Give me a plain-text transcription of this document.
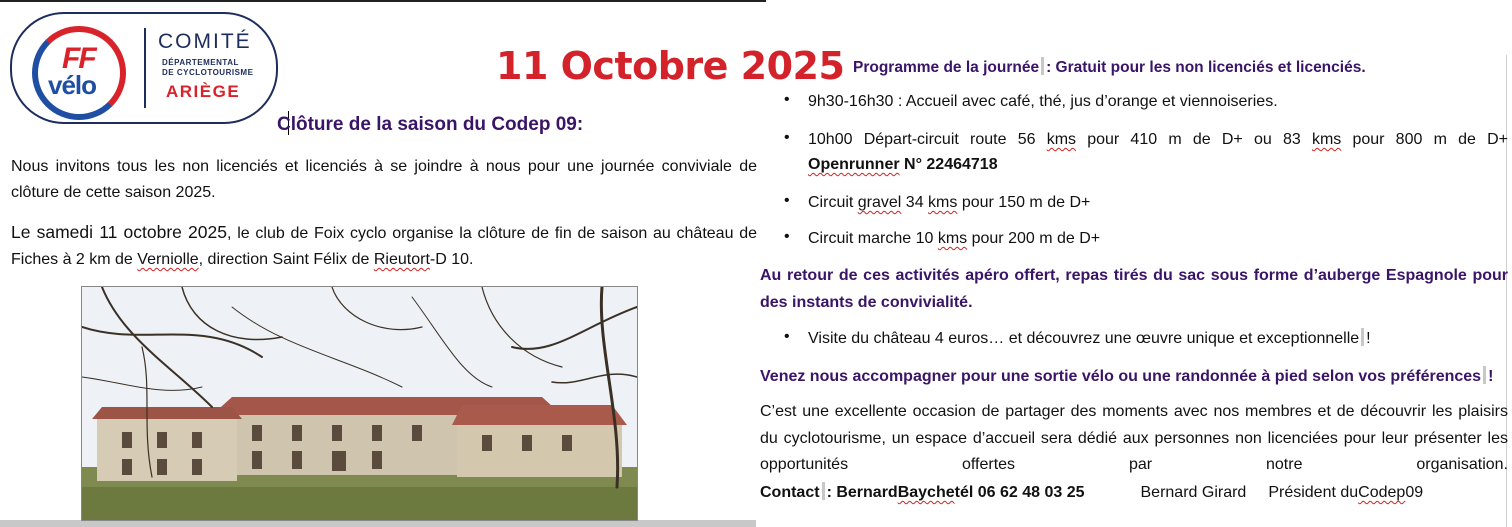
FF
vélo
COMITÉ
DÉPARTEMENTAL
DE CYCLOTOURISME
ARIÈGE
11 Octobre 2025
Clôture de la saison du Codep 09:
Nous invitons tous les non licenciés et licenciés à se joindre à nous pour une journée conviviale de clôture de cette saison 2025.
Le samedi 11 octobre 2025, le club de Foix cyclo organise la clôture de fin de saison au château de Fiches à 2 km de Verniolle, direction Saint Félix de Rieutort-D 10.
Programme de la journée : Gratuit pour les non licenciés et licenciés.
• 9h30-16h30 : Accueil avec café, thé, jus d’orange et viennoiseries.
• 10h00 Départ-circuit route 56 kms pour 410 m de D+ ou 83 kms pour 800 m de D+
Openrunner N° 22464718
• Circuit gravel 34 kms pour 150 m de D+
• Circuit marche 10 kms pour 200 m de D+
Au retour de ces activités apéro offert, repas tirés du sac sous forme d’auberge Espagnole pour des instants de convivialité.
• Visite du château 4 euros… et découvrez une œuvre unique et exceptionnelle !
Venez nous accompagner pour une sortie vélo ou une randonnée à pied selon vos préférences !
C’est une excellente occasion de partager des moments avec nos membres et de découvrir les plaisirs du cyclotourisme, un espace d’accueil sera dédié aux personnes non licenciées pour leur présenter les opportunités offertes par notre organisation.
Contact : BernardBaychetél 06 62 48 03 25	Bernard Girard Président duCodep09
